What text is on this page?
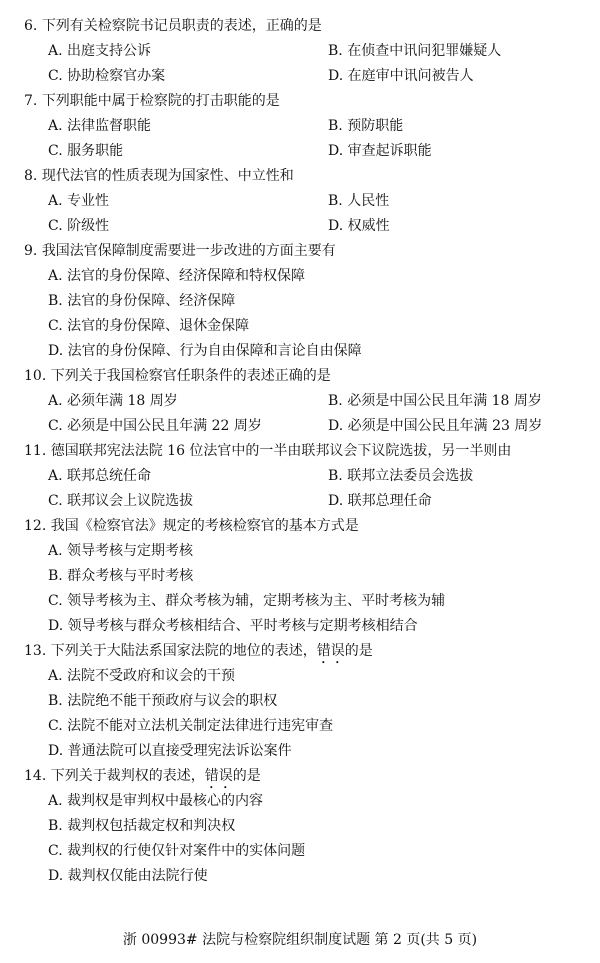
6. 下列有关检察院书记员职责的表述，正确的是
A. 出庭支持公诉	B. 在侦查中讯问犯罪嫌疑人
C. 协助检察官办案	D. 在庭审中讯问被告人
7. 下列职能中属于检察院的打击职能的是
A. 法律监督职能	B. 预防职能
C. 服务职能	D. 审查起诉职能
8. 现代法官的性质表现为国家性、中立性和
A. 专业性	B. 人民性
C. 阶级性	D. 权威性
9. 我国法官保障制度需要进一步改进的方面主要有
A. 法官的身份保障、经济保障和特权保障
B. 法官的身份保障、经济保障
C. 法官的身份保障、退休金保障
D. 法官的身份保障、行为自由保障和言论自由保障
10. 下列关于我国检察官任职条件的表述正确的是
A. 必须年满 18 周岁	B. 必须是中国公民且年满 18 周岁
C. 必须是中国公民且年满 22 周岁	D. 必须是中国公民且年满 23 周岁
11. 德国联邦宪法法院 16 位法官中的一半由联邦议会下议院选拔，另一半则由
A. 联邦总统任命	B. 联邦立法委员会选拔
C. 联邦议会上议院选拔	D. 联邦总理任命
12. 我国《检察官法》规定的考核检察官的基本方式是
A. 领导考核与定期考核
B. 群众考核与平时考核
C. 领导考核为主、群众考核为辅，定期考核为主、平时考核为辅
D. 领导考核与群众考核相结合、平时考核与定期考核相结合
13. 下列关于大陆法系国家法院的地位的表述，错误的是
A. 法院不受政府和议会的干预
B. 法院绝不能干预政府与议会的职权
C. 法院不能对立法机关制定法律进行违宪审查
D. 普通法院可以直接受理宪法诉讼案件
14. 下列关于裁判权的表述，错误的是
A. 裁判权是审判权中最核心的内容
B. 裁判权包括裁定权和判决权
C. 裁判权的行使仅针对案件中的实体问题
D. 裁判权仅能由法院行使
浙 00993# 法院与检察院组织制度试题 第 2 页(共 5 页)
